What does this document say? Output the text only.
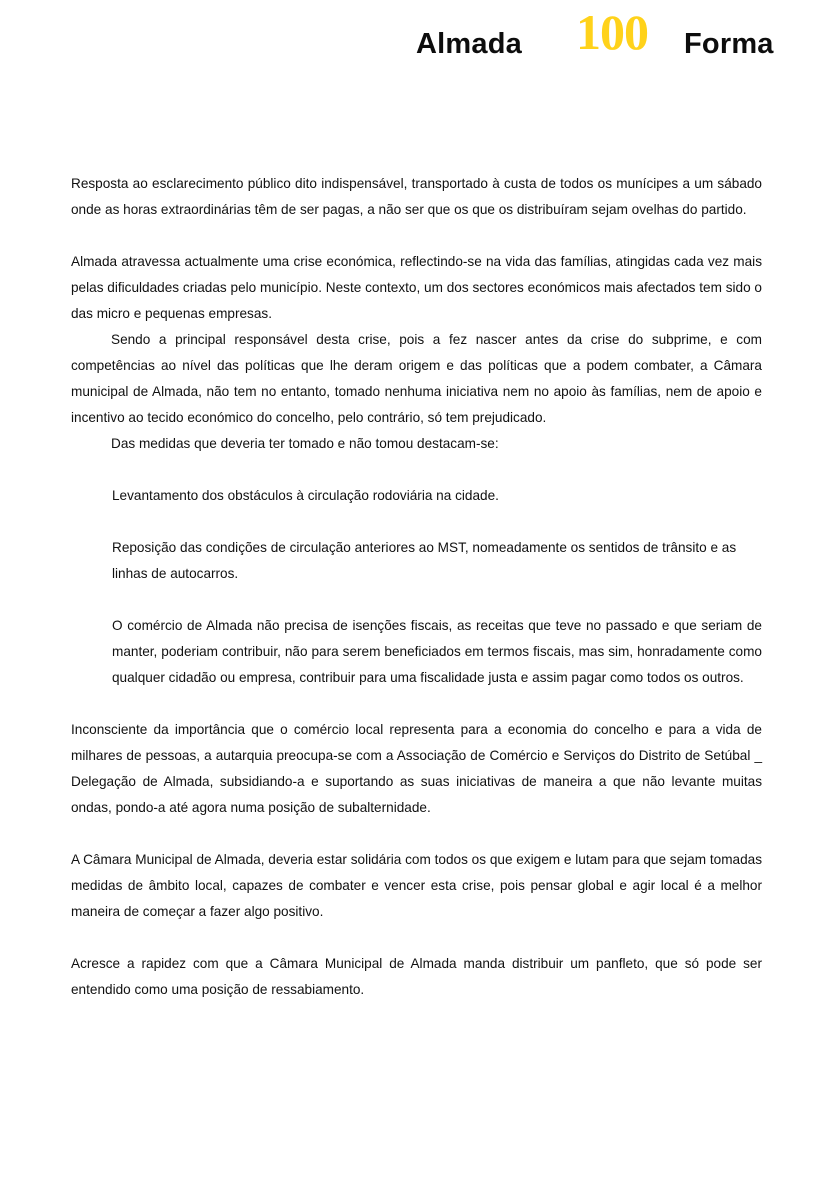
Almada 100 Forma

Resposta ao esclarecimento público dito indispensável, transportado à custa de todos os munícipes a um sábado onde as horas extraordinárias têm de ser pagas, a não ser que os que os distribuíram sejam ovelhas do partido.

Almada atravessa actualmente uma crise económica, reflectindo-se na vida das famílias, atingidas cada vez mais pelas dificuldades criadas pelo município. Neste contexto, um dos sectores económicos mais afectados tem sido o das micro e pequenas empresas.

Sendo a principal responsável desta crise, pois a fez nascer antes da crise do subprime, e com competências ao nível das políticas que lhe deram origem e das políticas que a podem combater, a Câmara municipal de Almada, não tem no entanto, tomado nenhuma iniciativa nem no apoio às famílias, nem de apoio e incentivo ao tecido económico do concelho, pelo contrário, só tem prejudicado.

Das medidas que deveria ter tomado e não tomou destacam-se:

Levantamento dos obstáculos à circulação rodoviária na cidade.

Reposição das condições de circulação anteriores ao MST, nomeadamente os sentidos de trânsito e as linhas de autocarros.

O comércio de Almada não precisa de isenções fiscais, as receitas que teve no passado e que seriam de manter, poderiam contribuir, não para serem beneficiados em termos fiscais, mas sim, honradamente como qualquer cidadão ou empresa, contribuir para uma fiscalidade justa e assim pagar como todos os outros.

Inconsciente da importância que o comércio local representa para a economia do concelho e para a vida de milhares de pessoas, a autarquia preocupa-se com a Associação de Comércio e Serviços do Distrito de Setúbal _ Delegação de Almada, subsidiando-a e suportando as suas iniciativas de maneira a que não levante muitas ondas, pondo-a até agora numa posição de subalternidade.

A Câmara Municipal de Almada, deveria estar solidária com todos os que exigem e lutam para que sejam tomadas medidas de âmbito local, capazes de combater e vencer esta crise, pois pensar global e agir local é a melhor maneira de começar a fazer algo positivo.

Acresce a rapidez com que a Câmara Municipal de Almada manda distribuir um panfleto, que só pode ser entendido como uma posição de ressabiamento.
